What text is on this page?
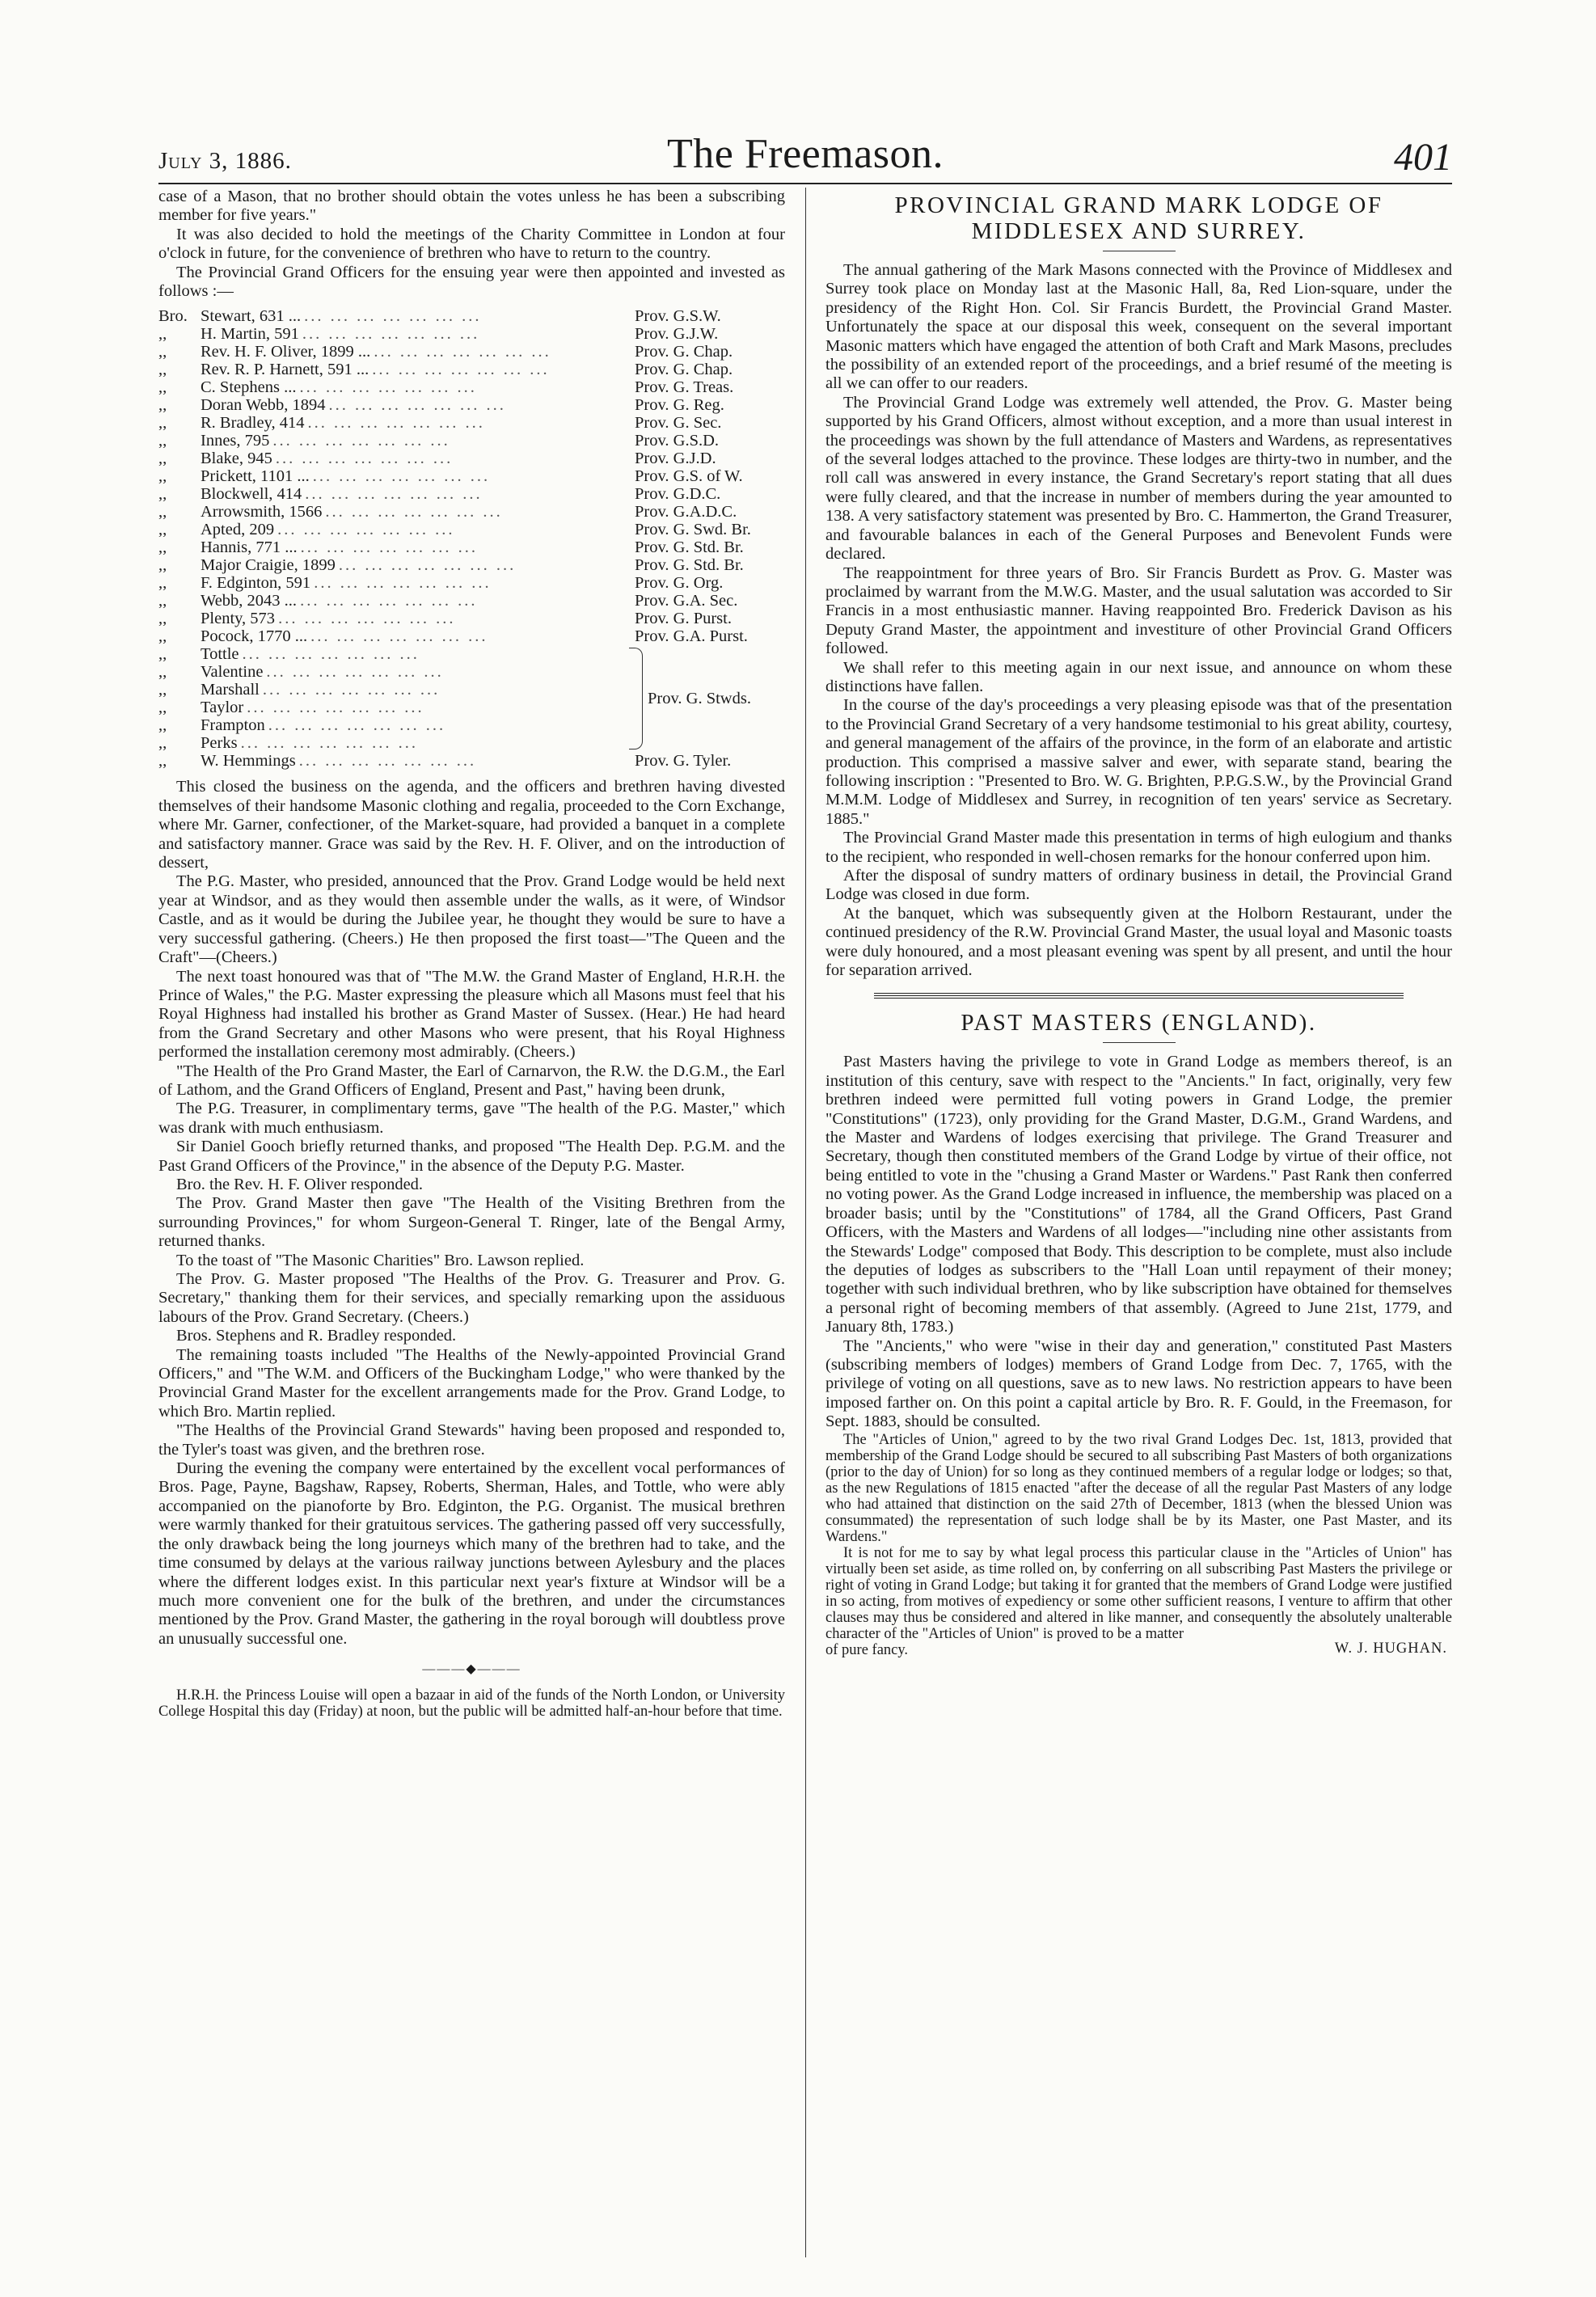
July 3, 1886.	The Freemason.	401

case of a Mason, that no brother should obtain the votes unless he has been a subscribing member for five years."

It was also decided to hold the meetings of the Charity Committee in London at four o'clock in future, for the convenience of brethren who have to return to the country.

The Provincial Grand Officers for the ensuing year were then appointed and invested as follows :—

Bro. Stewart, 631 ... ... ... ... ... ... ... ...	Prov. G.S.W.
,,	H. Martin, 591 ... ... ... ... ... ... ...	Prov. G.J.W.
,,	Rev. H. F. Oliver, 1899 ... ... ... ... ... ... ... ...	Prov. G. Chap.
,,	Rev. R. P. Harnett, 591 ... ... ... ... ... ... ... ...	Prov. G. Chap.
,,	C. Stephens ... ... ... ... ... ... ... ...	Prov. G. Treas.
,,	Doran Webb, 1894 ... ... ... ... ... ... ...	Prov. G. Reg.
,,	R. Bradley, 414 ... ... ... ... ... ... ...	Prov. G. Sec.
,,	Innes, 795 ... ... ... ... ... ... ...	Prov. G.S.D.
,,	Blake, 945 ... ... ... ... ... ... ...	Prov. G.J.D.
,,	Prickett, 1101 ... ... ... ... ... ... ... ...	Prov. G.S. of W.
,,	Blockwell, 414 ... ... ... ... ... ... ...	Prov. G.D.C.
,,	Arrowsmith, 1566 ... ... ... ... ... ... ...	Prov. G.A.D.C.
,,	Apted, 209 ... ... ... ... ... ... ...	Prov. G. Swd. Br.
,,	Hannis, 771 ... ... ... ... ... ... ... ...	Prov. G. Std. Br.
,,	Major Craigie, 1899 ... ... ... ... ... ... ...	Prov. G. Std. Br.
,,	F. Edginton, 591 ... ... ... ... ... ... ...	Prov. G. Org.
,,	Webb, 2043 ... ... ... ... ... ... ... ...	Prov. G.A. Sec.
,,	Plenty, 573 ... ... ... ... ... ... ...	Prov. G. Purst.
,,	Pocock, 1770 ... ... ... ... ... ... ... ...	Prov. G.A. Purst.
,,	Tottle ... ... ... ... ... ... ...
,,	Valentine ... ... ... ... ... ... ...
,,	Marshall ... ... ... ... ... ... ...
,,	Taylor ... ... ... ... ... ... ...
,,	Frampton ... ... ... ... ... ... ...
,,	Perks ... ... ... ... ... ... ...
Prov. G. Stwds.
,,	W. Hemmings ... ... ... ... ... ... ...	Prov. G. Tyler.

This closed the business on the agenda, and the officers and brethren having divested themselves of their handsome Masonic clothing and regalia, proceeded to the Corn Exchange, where Mr. Garner, confectioner, of the Market-square, had provided a banquet in a complete and satisfactory manner. Grace was said by the Rev. H. F. Oliver, and on the introduction of dessert,

The P.G. Master, who presided, announced that the Prov. Grand Lodge would be held next year at Windsor, and as they would then assemble under the walls, as it were, of Windsor Castle, and as it would be during the Jubilee year, he thought they would be sure to have a very successful gathering. (Cheers.) He then proposed the first toast—"The Queen and the Craft"—(Cheers.)

The next toast honoured was that of "The M.W. the Grand Master of England, H.R.H. the Prince of Wales," the P.G. Master expressing the pleasure which all Masons must feel that his Royal Highness had installed his brother as Grand Master of Sussex. (Hear.) He had heard from the Grand Secretary and other Masons who were present, that his Royal Highness performed the installation ceremony most admirably. (Cheers.)

"The Health of the Pro Grand Master, the Earl of Carnarvon, the R.W. the D.G.M., the Earl of Lathom, and the Grand Officers of England, Present and Past," having been drunk,

The P.G. Treasurer, in complimentary terms, gave "The health of the P.G. Master," which was drank with much enthusiasm.

Sir Daniel Gooch briefly returned thanks, and proposed "The Health Dep. P.G.M. and the Past Grand Officers of the Province," in the absence of the Deputy P.G. Master.

Bro. the Rev. H. F. Oliver responded.

The Prov. Grand Master then gave "The Health of the Visiting Brethren from the surrounding Provinces," for whom Surgeon-General T. Ringer, late of the Bengal Army, returned thanks.

To the toast of "The Masonic Charities" Bro. Lawson replied.

The Prov. G. Master proposed "The Healths of the Prov. G. Treasurer and Prov. G. Secretary," thanking them for their services, and specially remarking upon the assiduous labours of the Prov. Grand Secretary. (Cheers.)

Bros. Stephens and R. Bradley responded.

The remaining toasts included "The Healths of the Newly-appointed Provincial Grand Officers," and "The W.M. and Officers of the Buckingham Lodge," who were thanked by the Provincial Grand Master for the excellent arrangements made for the Prov. Grand Lodge, to which Bro. Martin replied.

"The Healths of the Provincial Grand Stewards" having been proposed and responded to, the Tyler's toast was given, and the brethren rose.

During the evening the company were entertained by the excellent vocal performances of Bros. Page, Payne, Bagshaw, Rapsey, Roberts, Sherman, Hales, and Tottle, who were ably accompanied on the pianoforte by Bro. Edginton, the P.G. Organist. The musical brethren were warmly thanked for their gratuitous services. The gathering passed off very successfully, the only drawback being the long journeys which many of the brethren had to take, and the time consumed by delays at the various railway junctions between Aylesbury and the places where the different lodges exist. In this particular next year's fixture at Windsor will be a much more convenient one for the bulk of the brethren, and under the circumstances mentioned by the Prov. Grand Master, the gathering in the royal borough will doubtless prove an unusually successful one.

———◆———

H.R.H. the Princess Louise will open a bazaar in aid of the funds of the North London, or University College Hospital this day (Friday) at noon, but the public will be admitted half-an-hour before that time.

PROVINCIAL GRAND MARK LODGE OF
MIDDLESEX AND SURREY.

The annual gathering of the Mark Masons connected with the Province of Middlesex and Surrey took place on Monday last at the Masonic Hall, 8a, Red Lion-square, under the presidency of the Right Hon. Col. Sir Francis Burdett, the Provincial Grand Master. Unfortunately the space at our disposal this week, consequent on the several important Masonic matters which have engaged the attention of both Craft and Mark Masons, precludes the possibility of an extended report of the proceedings, and a brief resumé of the meeting is all we can offer to our readers.

The Provincial Grand Lodge was extremely well attended, the Prov. G. Master being supported by his Grand Officers, almost without exception, and a more than usual interest in the proceedings was shown by the full attendance of Masters and Wardens, as representatives of the several lodges attached to the province. These lodges are thirty-two in number, and the roll call was answered in every instance, the Grand Secretary's report stating that all dues were fully cleared, and that the increase in number of members during the year amounted to 138. A very satisfactory statement was presented by Bro. C. Hammerton, the Grand Treasurer, and favourable balances in each of the General Purposes and Benevolent Funds were declared.

The reappointment for three years of Bro. Sir Francis Burdett as Prov. G. Master was proclaimed by warrant from the M.W.G. Master, and the usual salutation was accorded to Sir Francis in a most enthusiastic manner. Having reappointed Bro. Frederick Davison as his Deputy Grand Master, the appointment and investiture of other Provincial Grand Officers followed.

We shall refer to this meeting again in our next issue, and announce on whom these distinctions have fallen.

In the course of the day's proceedings a very pleasing episode was that of the presentation to the Provincial Grand Secretary of a very handsome testimonial to his great ability, courtesy, and general management of the affairs of the province, in the form of an elaborate and artistic production. This comprised a massive salver and ewer, with separate stand, bearing the following inscription : "Presented to Bro. W. G. Brighten, P.P.G.S.W., by the Provincial Grand M.M.M. Lodge of Middlesex and Surrey, in recognition of ten years' service as Secretary. 1885."

The Provincial Grand Master made this presentation in terms of high eulogium and thanks to the recipient, who responded in well-chosen remarks for the honour conferred upon him.

After the disposal of sundry matters of ordinary business in detail, the Provincial Grand Lodge was closed in due form.

At the banquet, which was subsequently given at the Holborn Restaurant, under the continued presidency of the R.W. Provincial Grand Master, the usual loyal and Masonic toasts were duly honoured, and a most pleasant evening was spent by all present, and until the hour for separation arrived.

PAST MASTERS (ENGLAND).

Past Masters having the privilege to vote in Grand Lodge as members thereof, is an institution of this century, save with respect to the "Ancients." In fact, originally, very few brethren indeed were permitted full voting powers in Grand Lodge, the premier "Constitutions" (1723), only providing for the Grand Master, D.G.M., Grand Wardens, and the Master and Wardens of lodges exercising that privilege. The Grand Treasurer and Secretary, though then constituted members of the Grand Lodge by virtue of their office, not being entitled to vote in the "chusing a Grand Master or Wardens." Past Rank then conferred no voting power. As the Grand Lodge increased in influence, the membership was placed on a broader basis; until by the "Constitutions" of 1784, all the Grand Officers, Past Grand Officers, with the Masters and Wardens of all lodges—"including nine other assistants from the Stewards' Lodge" composed that Body. This description to be complete, must also include the deputies of lodges as subscribers to the "Hall Loan until repayment of their money; together with such individual brethren, who by like subscription have obtained for themselves a personal right of becoming members of that assembly. (Agreed to June 21st, 1779, and January 8th, 1783.)

The "Ancients," who were "wise in their day and generation," constituted Past Masters (subscribing members of lodges) members of Grand Lodge from Dec. 7, 1765, with the privilege of voting on all questions, save as to new laws. No restriction appears to have been imposed farther on. On this point a capital article by Bro. R. F. Gould, in the Freemason, for Sept. 1883, should be consulted.

The "Articles of Union," agreed to by the two rival Grand Lodges Dec. 1st, 1813, provided that membership of the Grand Lodge should be secured to all subscribing Past Masters of both organizations (prior to the day of Union) for so long as they continued members of a regular lodge or lodges; so that, as the new Regulations of 1815 enacted "after the decease of all the regular Past Masters of any lodge who had attained that distinction on the said 27th of December, 1813 (when the blessed Union was consummated) the representation of such lodge shall be by its Master, one Past Master, and its Wardens."

It is not for me to say by what legal process this particular clause in the "Articles of Union" has virtually been set aside, as time rolled on, by conferring on all subscribing Past Masters the privilege or right of voting in Grand Lodge; but taking it for granted that the members of Grand Lodge were justified in so acting, from motives of expediency or some other sufficient reasons, I venture to affirm that other clauses may thus be considered and altered in like manner, and consequently the absolutely unalterable character of the "Articles of Union" is proved to be a matter

of pure fancy.	W. J. HUGHAN.
